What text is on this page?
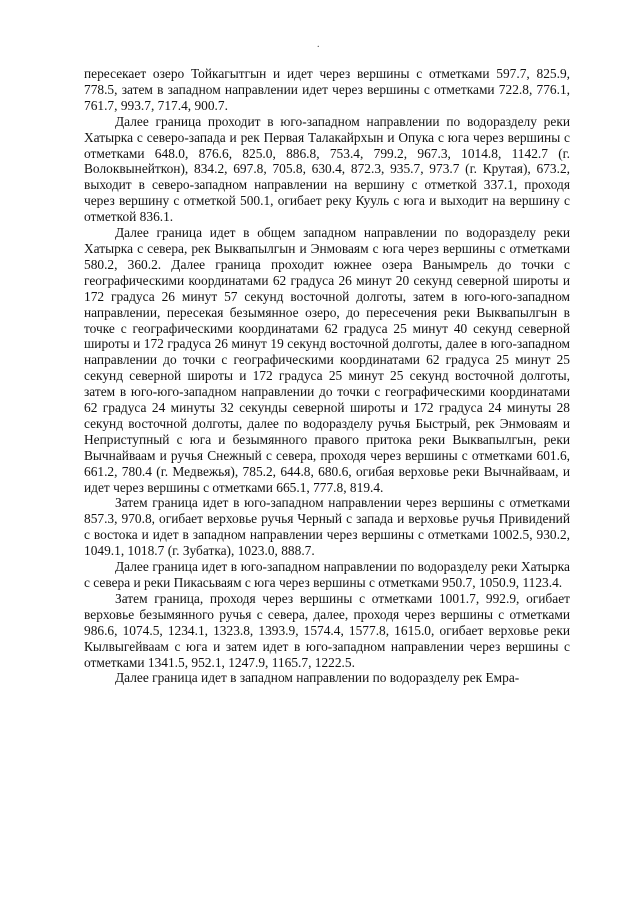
.

пересекает озеро Тойкагытгын и идет через вершины с отметками 597.7, 825.9, 778.5, затем в западном направлении идет через вершины с отметками 722.8, 776.1, 761.7, 993.7, 717.4, 900.7.

Далее граница проходит в юго-западном направлении по водоразделу реки Хатырка с северо-запада и рек Первая Талакайрхын и Опука с юга через вершины с отметками 648.0, 876.6, 825.0, 886.8, 753.4, 799.2, 967.3, 1014.8, 1142.7 (г. Волоквынейткон), 834.2, 697.8, 705.8, 630.4, 872.3, 935.7, 973.7 (г. Крутая), 673.2, выходит в северо-западном направлении на вершину с отметкой 337.1, проходя через вершину с отметкой 500.1, огибает реку Кууль с юга и выходит на вершину с отметкой 836.1.

Далее граница идет в общем западном направлении по водоразделу реки Хатырка с севера, рек Выквапылгын и Энмоваям с юга через вершины с отметками 580.2, 360.2. Далее граница проходит южнее озера Ванымрель до точки с географическими координатами 62 градуса 26 минут 20 секунд северной широты и 172 градуса 26 минут 57 секунд восточной долготы, затем в юго-юго-западном направлении, пересекая безымянное озеро, до пересечения реки Выквапылгын в точке с географическими координатами 62 градуса 25 минут 40 секунд северной широты и 172 градуса 26 минут 19 секунд восточной долготы, далее в юго-западном направлении до точки с географическими координатами 62 градуса 25 минут 25 секунд северной широты и 172 градуса 25 минут 25 секунд восточной долготы, затем в юго-юго-западном направлении до точки с географическими координатами 62 градуса 24 минуты 32 секунды северной широты и 172 градуса 24 минуты 28 секунд восточной долготы, далее по водоразделу ручья Быстрый, рек Энмоваям и Неприступный с юга и безымянного правого притока реки Выквапылгын, реки Вычнайваам и ручья Снежный с севера, проходя через вершины с отметками 601.6, 661.2, 780.4 (г. Медвежья), 785.2, 644.8, 680.6, огибая верховье реки Вычнайваам, и идет через вершины с отметками 665.1, 777.8, 819.4.

Затем граница идет в юго-западном направлении через вершины с отметками 857.3, 970.8, огибает верховье ручья Черный с запада и верховье ручья Привидений с востока и идет в западном направлении через вершины с отметками 1002.5, 930.2, 1049.1, 1018.7 (г. Зубатка), 1023.0, 888.7.

Далее граница идет в юго-западном направлении по водоразделу реки Хатырка с севера и реки Пикасьваям с юга через вершины с отметками 950.7, 1050.9, 1123.4.

Затем граница, проходя через вершины с отметками 1001.7, 992.9, огибает верховье безымянного ручья с севера, далее, проходя через вершины с отметками 986.6, 1074.5, 1234.1, 1323.8, 1393.9, 1574.4, 1577.8, 1615.0, огибает верховье реки Кылвыгейваам с юга и затем идет в юго-западном направлении через вершины с отметками 1341.5, 952.1, 1247.9, 1165.7, 1222.5.

Далее граница идет в западном направлении по водоразделу рек Емра-
